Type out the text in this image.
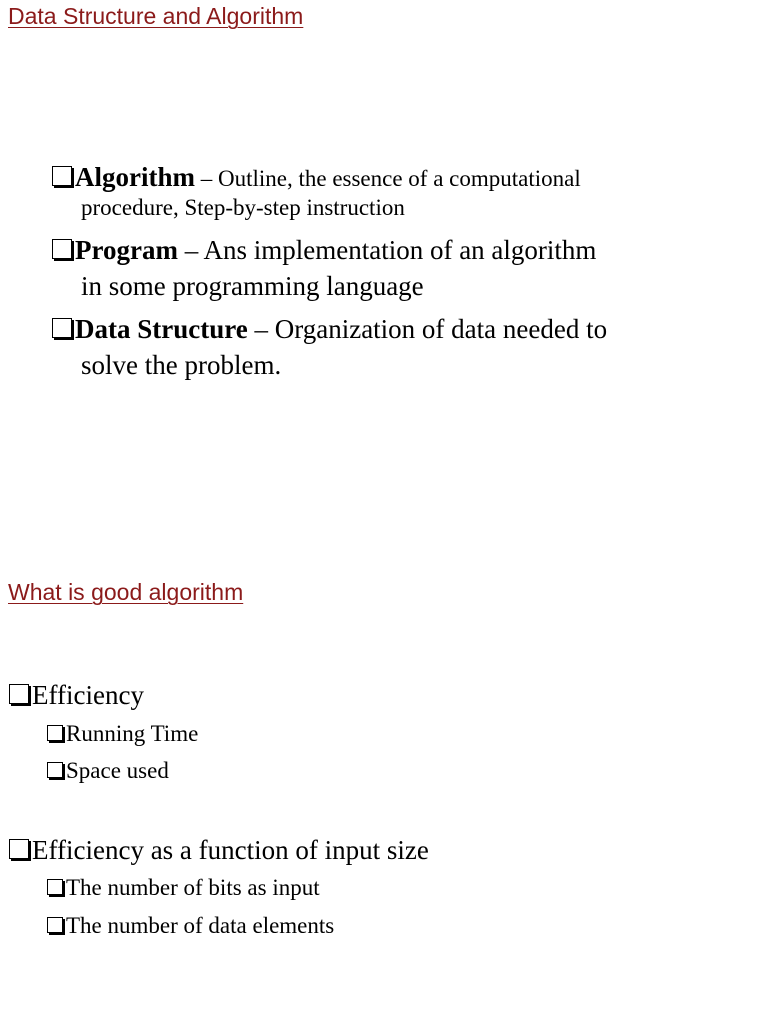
Data Structure and Algorithm

Algorithm – Outline, the essence of a computational

procedure, Step-by-step instruction

Program – Ans implementation of an algorithm

in some programming language

Data Structure – Organization of data needed to

solve the problem.

What is good algorithm

Efficiency

Running Time

Space used

Efficiency as a function of input size

The number of bits as input

The number of data elements
